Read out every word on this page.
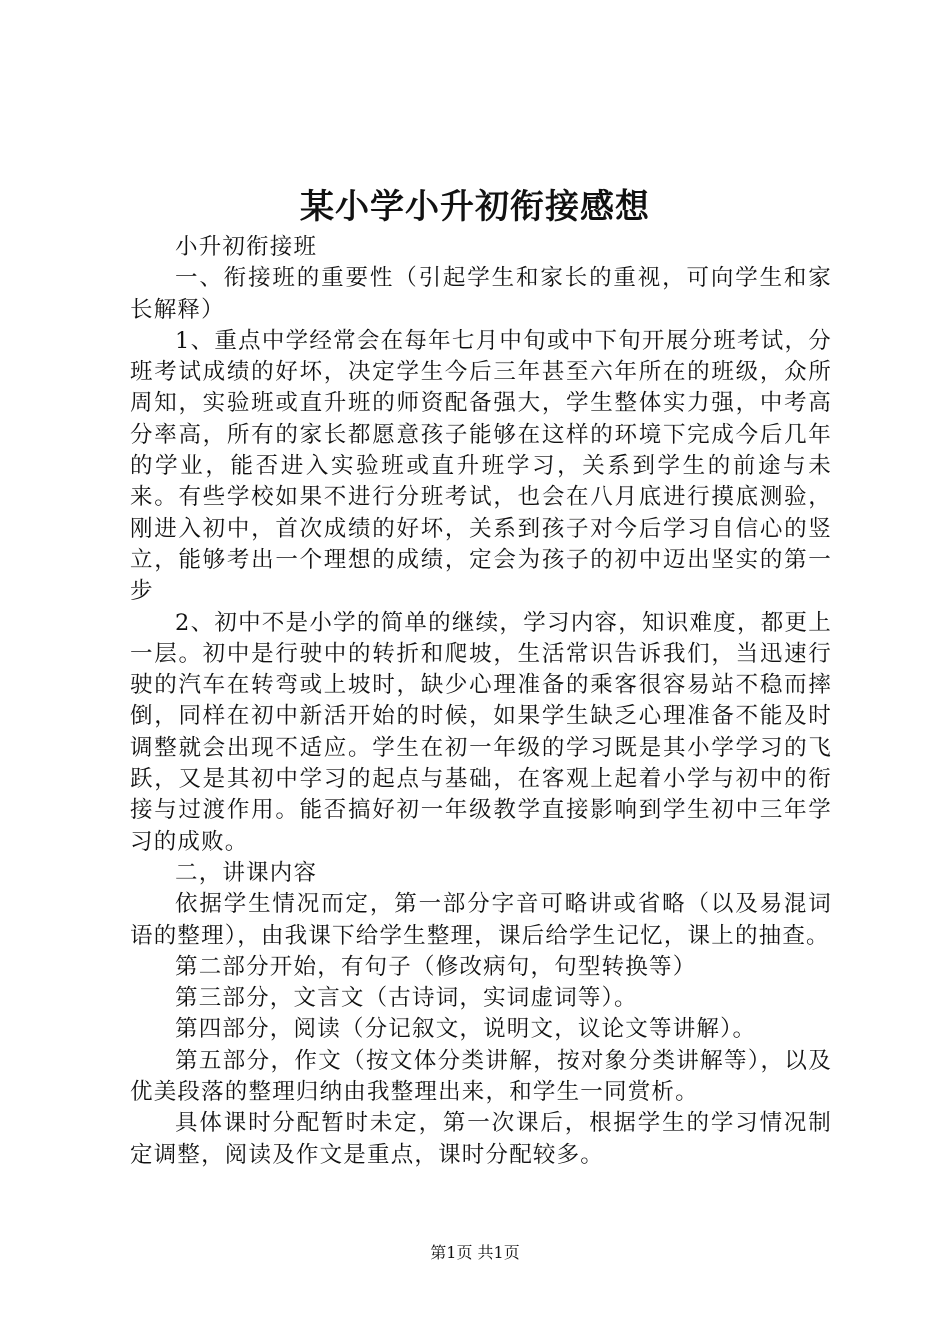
某小学小升初衔接感想

小升初衔接班

一、衔接班的重要性（引起学生和家长的重视，可向学生和家长解释）

1、重点中学经常会在每年七月中旬或中下旬开展分班考试，分班考试成绩的好坏，决定学生今后三年甚至六年所在的班级，众所周知，实验班或直升班的师资配备强大，学生整体实力强，中考高分率高，所有的家长都愿意孩子能够在这样的环境下完成今后几年的学业，能否进入实验班或直升班学习，关系到学生的前途与未来。有些学校如果不进行分班考试，也会在八月底进行摸底测验，刚进入初中，首次成绩的好坏，关系到孩子对今后学习自信心的竖立，能够考出一个理想的成绩，定会为孩子的初中迈出坚实的第一步

2、初中不是小学的简单的继续，学习内容，知识难度，都更上一层。初中是行驶中的转折和爬坡，生活常识告诉我们，当迅速行驶的汽车在转弯或上坡时，缺少心理准备的乘客很容易站不稳而摔倒，同样在初中新活开始的时候，如果学生缺乏心理准备不能及时调整就会出现不适应。学生在初一年级的学习既是其小学学习的飞跃，又是其初中学习的起点与基础，在客观上起着小学与初中的衔接与过渡作用。能否搞好初一年级教学直接影响到学生初中三年学习的成败。

二，讲课内容

依据学生情况而定，第一部分字音可略讲或省略（以及易混词语的整理），由我课下给学生整理，课后给学生记忆，课上的抽查。

第二部分开始，有句子（修改病句，句型转换等）

第三部分，文言文（古诗词，实词虚词等）。

第四部分，阅读（分记叙文，说明文，议论文等讲解）。

第五部分，作文（按文体分类讲解，按对象分类讲解等），以及优美段落的整理归纳由我整理出来，和学生一同赏析。

具体课时分配暂时未定，第一次课后，根据学生的学习情况制定调整，阅读及作文是重点，课时分配较多。

第1页 共1页
